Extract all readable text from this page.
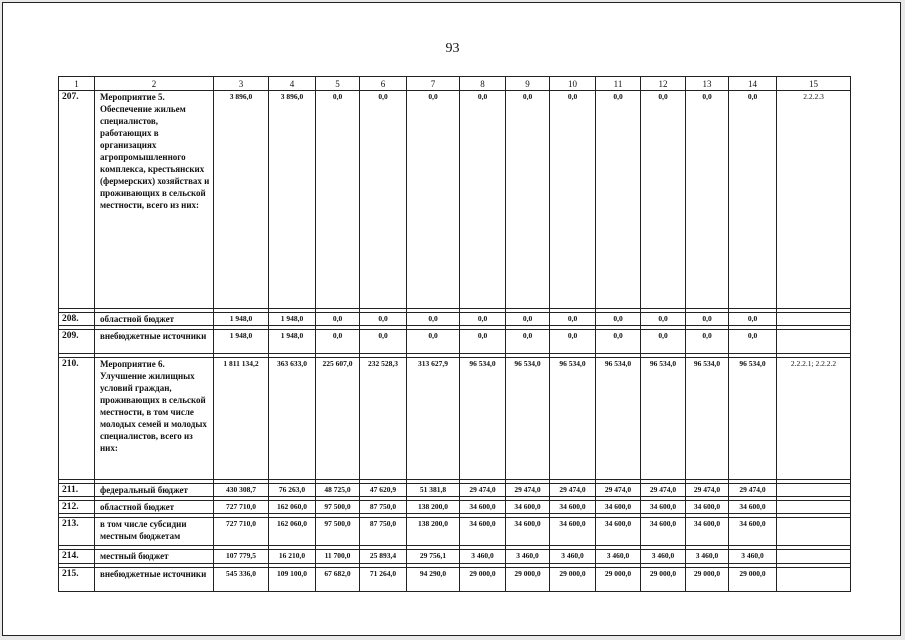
93
1	2	3	4	5	6	7	8	9	10	11	12	13	14	15
207.	Мероприятие 5. Обеспечение жильем специалистов, работающих в организациях агропромышленного комплекса, крестьянских (фермерских) хозяйствах и проживающих в сельской местности, всего из них:	3 896,0	3 896,0	0,0	0,0	0,0	0,0	0,0	0,0	0,0	0,0	0,0	0,0	2.2.2.3

208.	областной бюджет	1 948,0	1 948,0	0,0	0,0	0,0	0,0	0,0	0,0	0,0	0,0	0,0	0,0	

209.	внебюджетные источники	1 948,0	1 948,0	0,0	0,0	0,0	0,0	0,0	0,0	0,0	0,0	0,0	0,0	

210.	Мероприятие 6. Улучшение жилищных условий граждан, проживающих в сельской местности, в том числе молодых семей и молодых специалистов, всего из них:	1 811 134,2	363 633,0	225 607,0	232 528,3	313 627,9	96 534,0	96 534,0	96 534,0	96 534,0	96 534,0	96 534,0	96 534,0	2.2.2.1; 2.2.2.2

211.	федеральный бюджет	430 308,7	76 263,0	48 725,0	47 620,9	51 381,8	29 474,0	29 474,0	29 474,0	29 474,0	29 474,0	29 474,0	29 474,0	

212.	областной бюджет	727 710,0	162 060,0	97 500,0	87 750,0	138 200,0	34 600,0	34 600,0	34 600,0	34 600,0	34 600,0	34 600,0	34 600,0	

213.	в том числе субсидии местным бюджетам	727 710,0	162 060,0	97 500,0	87 750,0	138 200,0	34 600,0	34 600,0	34 600,0	34 600,0	34 600,0	34 600,0	34 600,0	

214.	местный бюджет	107 779,5	16 210,0	11 700,0	25 893,4	29 756,1	3 460,0	3 460,0	3 460,0	3 460,0	3 460,0	3 460,0	3 460,0	

215.	внебюджетные источники	545 336,0	109 100,0	67 682,0	71 264,0	94 290,0	29 000,0	29 000,0	29 000,0	29 000,0	29 000,0	29 000,0	29 000,0	
